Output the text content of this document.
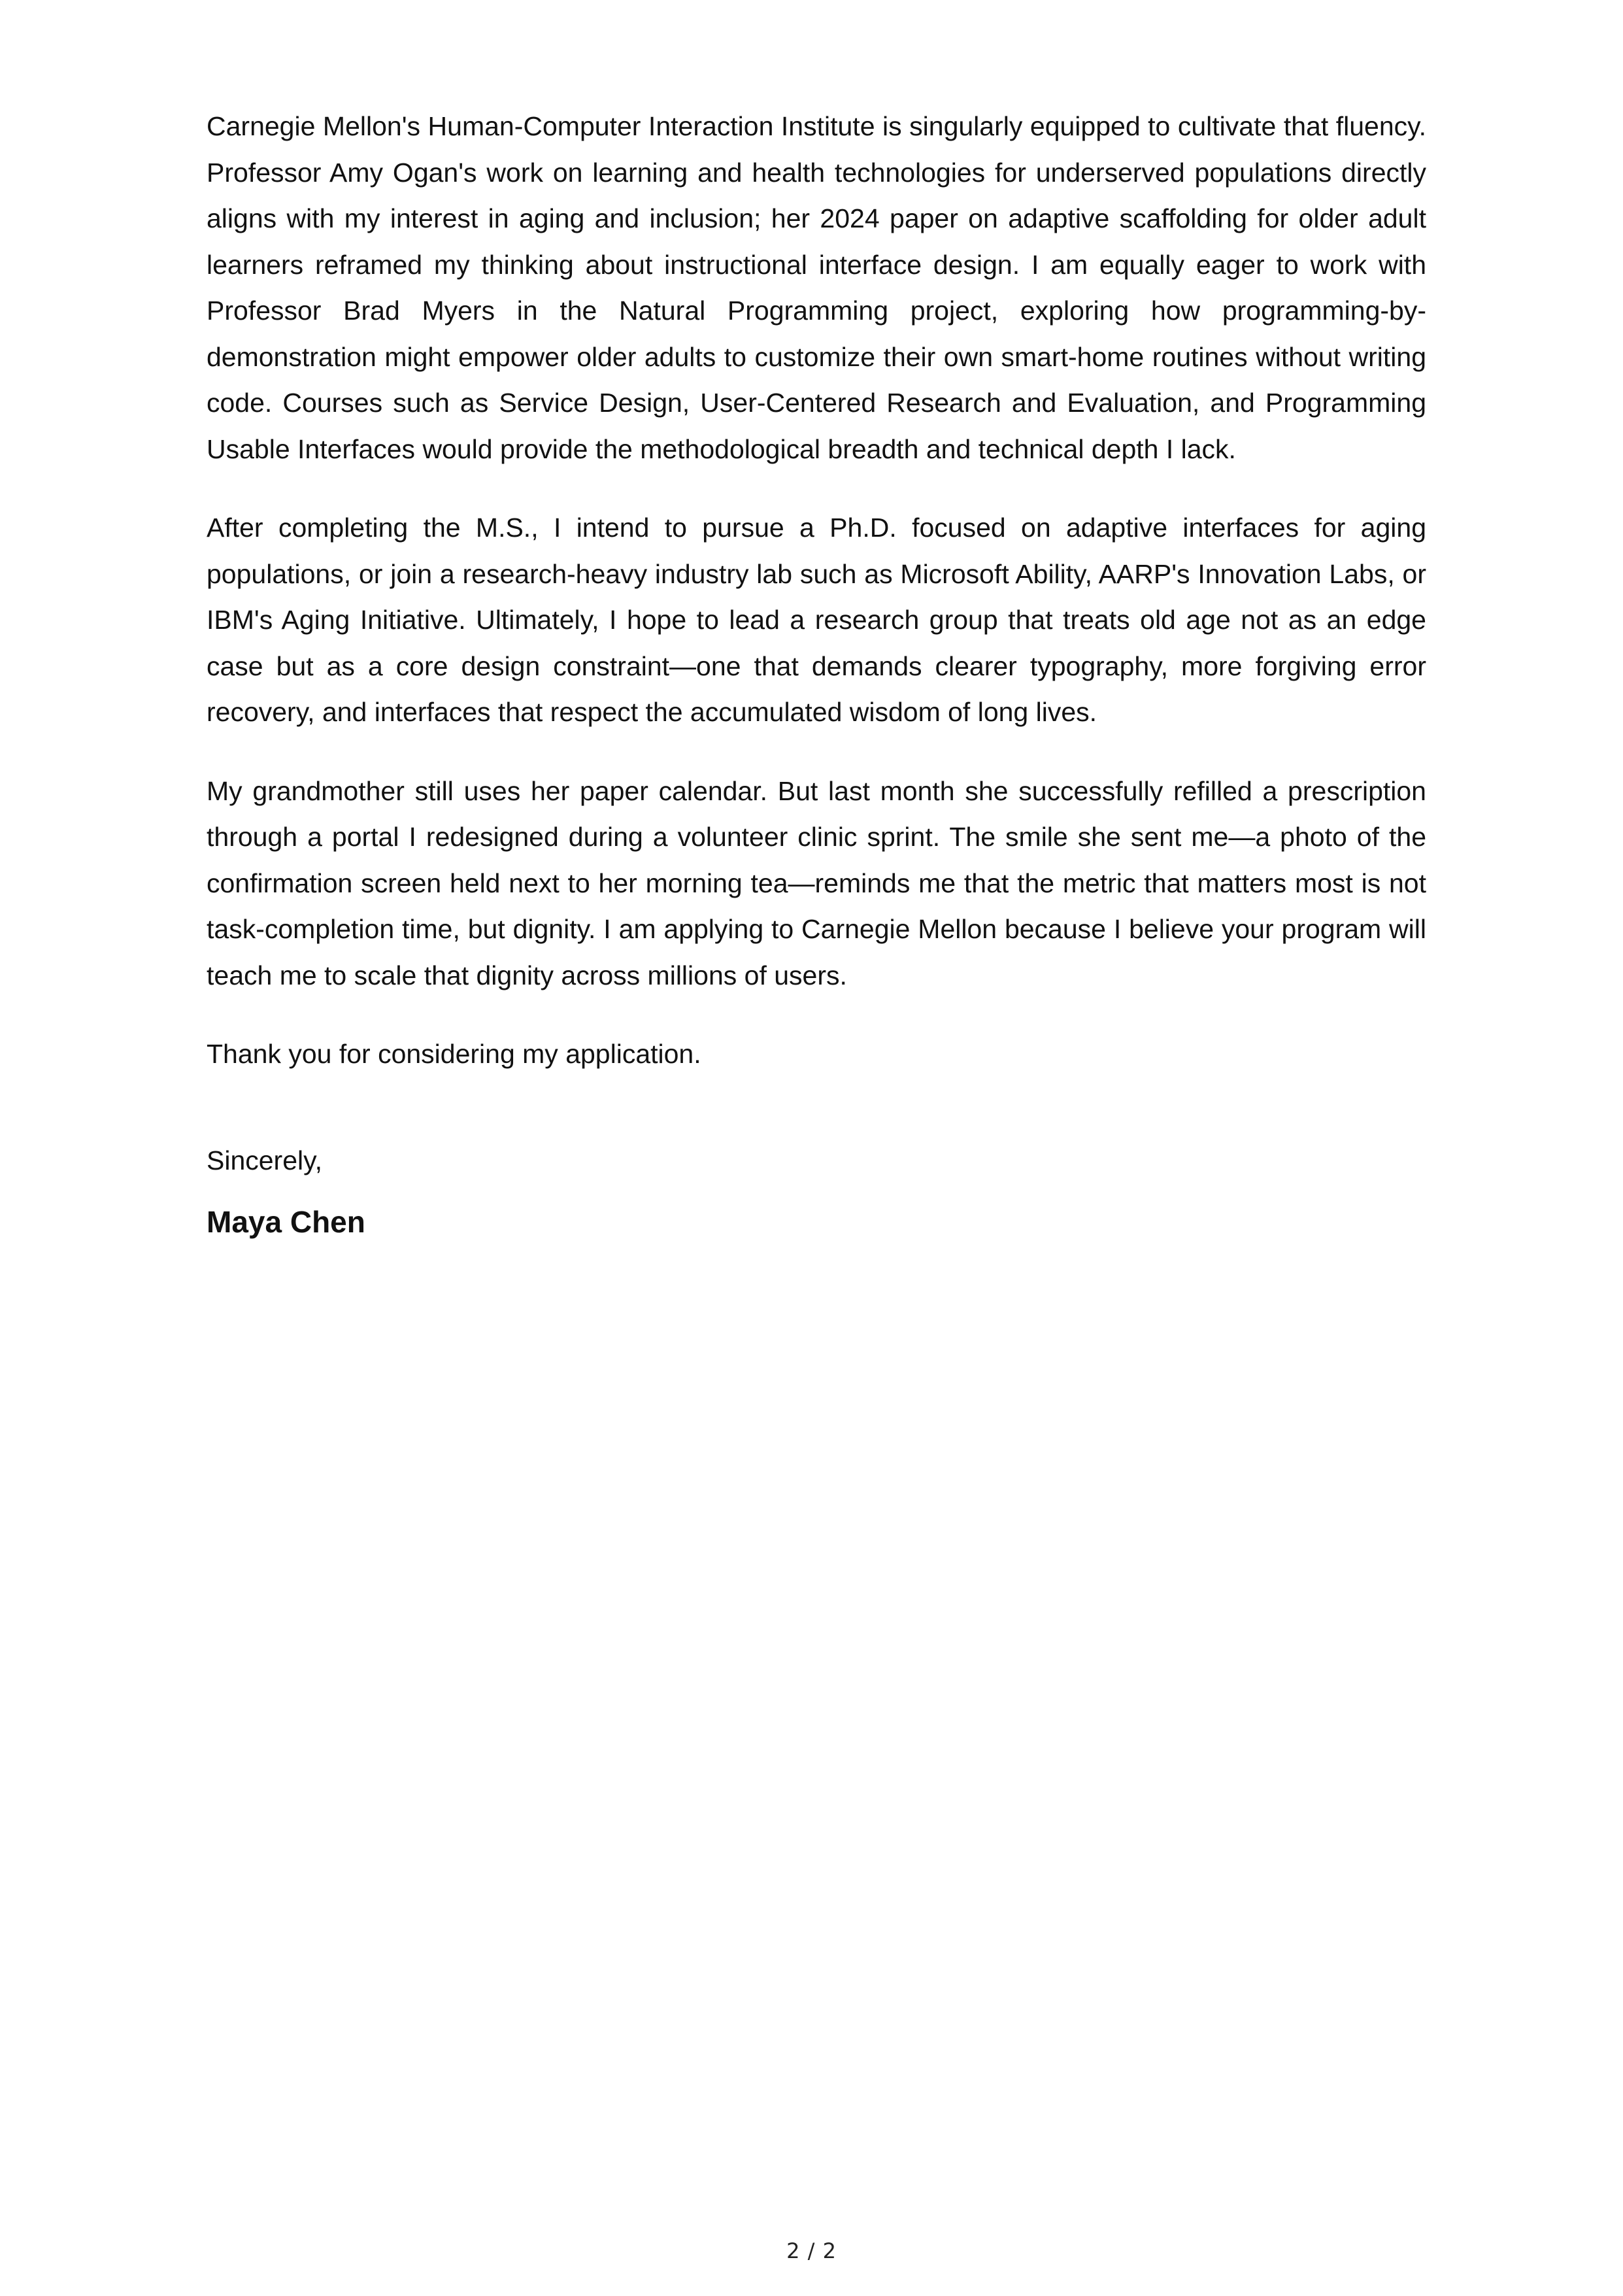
Carnegie Mellon's Human-Computer Interaction Institute is singularly equipped to cultivate that fluency. Professor Amy Ogan's work on learning and health technologies for underserved populations directly aligns with my interest in aging and inclusion; her 2024 paper on adaptive scaffolding for older adult learners reframed my thinking about instructional interface design. I am equally eager to work with Professor Brad Myers in the Natural Programming project, exploring how programming-by-demonstration might empower older adults to customize their own smart-home routines without writing code. Courses such as Service Design, User-Centered Research and Evaluation, and Programming Usable Interfaces would provide the methodological breadth and technical depth I lack.

After completing the M.S., I intend to pursue a Ph.D. focused on adaptive interfaces for aging populations, or join a research-heavy industry lab such as Microsoft Ability, AARP's Innovation Labs, or IBM's Aging Initiative. Ultimately, I hope to lead a research group that treats old age not as an edge case but as a core design constraint—one that demands clearer typography, more forgiving error recovery, and interfaces that respect the accumulated wisdom of long lives.

My grandmother still uses her paper calendar. But last month she successfully refilled a prescription through a portal I redesigned during a volunteer clinic sprint. The smile she sent me—a photo of the confirmation screen held next to her morning tea—reminds me that the metric that matters most is not task-completion time, but dignity. I am applying to Carnegie Mellon because I believe your program will teach me to scale that dignity across millions of users.

Thank you for considering my application.

Sincerely,

Maya Chen

2 / 2
